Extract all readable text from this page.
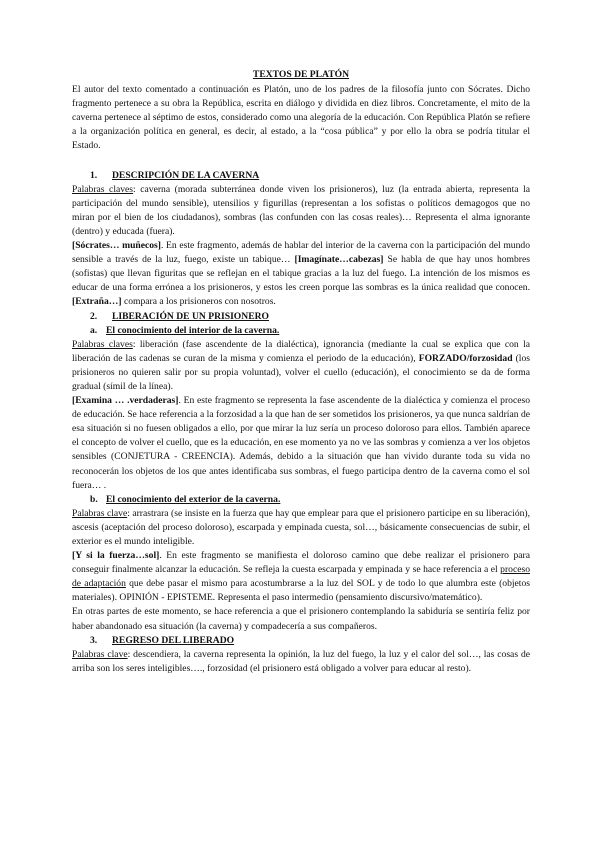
TEXTOS DE PLATÓN

El autor del texto comentado a continuación es Platón, uno de los padres de la filosofía junto con Sócrates. Dicho fragmento pertenece a su obra la República, escrita en diálogo y dividida en diez libros. Concretamente, el mito de la caverna pertenece al séptimo de estos, considerado como una alegoría de la educación. Con República Platón se refiere a la organización política en general, es decir, al estado, a la “cosa pública” y por ello la obra se podría titular el Estado.

1. DESCRIPCIÓN DE LA CAVERNA

Palabras claves: caverna (morada subterránea donde viven los prisioneros), luz (la entrada abierta, representa la participación del mundo sensible), utensilios y figurillas (representan a los sofistas o políticos demagogos que no miran por el bien de los ciudadanos), sombras (las confunden con las cosas reales)… Representa el alma ignorante (dentro) y educada (fuera).

[Sócrates… muñecos]. En este fragmento, además de hablar del interior de la caverna con la participación del mundo sensible a través de la luz, fuego, existe un tabique… [Imagínate…cabezas] Se habla de que hay unos hombres (sofistas) que llevan figuritas que se reflejan en el tabique gracias a la luz del fuego. La intención de los mismos es educar de una forma errónea a los prisioneros, y estos les creen porque las sombras es la única realidad que conocen. [Extraña…] compara a los prisioneros con nosotros.

2. LIBERACIÓN DE UN PRISIONERO

a. El conocimiento del interior de la caverna.

Palabras claves: liberación (fase ascendente de la dialéctica), ignorancia (mediante la cual se explica que con la liberación de las cadenas se curan de la misma y comienza el periodo de la educación), FORZADO/forzosidad (los prisioneros no quieren salir por su propia voluntad), volver el cuello (educación), el conocimiento se da de forma gradual (símil de la línea).

[Examina … .verdaderas]. En este fragmento se representa la fase ascendente de la dialéctica y comienza el proceso de educación. Se hace referencia a la forzosidad a la que han de ser sometidos los prisioneros, ya que nunca saldrían de esa situación si no fuesen obligados a ello, por que mirar la luz sería un proceso doloroso para ellos. También aparece el concepto de volver el cuello, que es la educación, en ese momento ya no ve las sombras y comienza a ver los objetos sensibles (CONJETURA - CREENCIA). Además, debido a la situación que han vivido durante toda su vida no reconocerán los objetos de los que antes identificaba sus sombras, el fuego participa dentro de la caverna como el sol fuera… .

b. El conocimiento del exterior de la caverna.

Palabras clave: arrastrara (se insiste en la fuerza que hay que emplear para que el prisionero participe en su liberación), ascesis (aceptación del proceso doloroso), escarpada y empinada cuesta, sol…, básicamente consecuencias de subir, el exterior es el mundo inteligible.

[Y si la fuerza…sol]. En este fragmento se manifiesta el doloroso camino que debe realizar el prisionero para conseguir finalmente alcanzar la educación. Se refleja la cuesta escarpada y empinada y se hace referencia a el proceso de adaptación que debe pasar el mismo para acostumbrarse a la luz del SOL y de todo lo que alumbra este (objetos materiales). OPINIÓN - EPISTEME. Representa el paso intermedio (pensamiento discursivo/matemático).

En otras partes de este momento, se hace referencia a que el prisionero contemplando la sabiduría se sentiría feliz por haber abandonado esa situación (la caverna) y compadecería a sus compañeros.

3. REGRESO DEL LIBERADO

Palabras clave: descendiera, la caverna representa la opinión, la luz del fuego, la luz y el calor del sol…, las cosas de arriba son los seres inteligibles…., forzosidad (el prisionero está obligado a volver para educar al resto).
